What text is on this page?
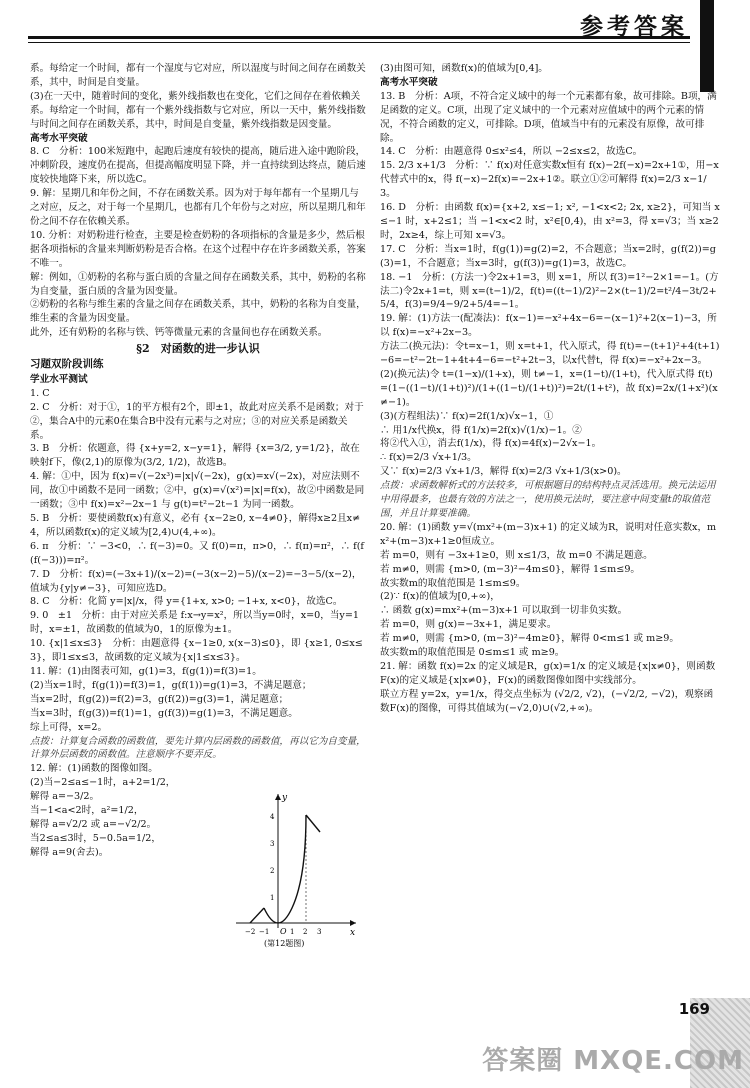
参考答案
系。每给定一个时间，都有一个湿度与它对应，所以湿度与时间之间存在函数关系，其中，时间是自变量。
(3)在一天中，随着时间的变化，紫外线指数也在变化，它们之间存在着依赖关系。每给定一个时间，都有一个紫外线指数与它对应，所以一天中，紫外线指数与时间之间存在函数关系，其中，时间是自变量，紫外线指数是因变量。
高考水平突破
8. C　分析：100米短跑中，起跑后速度有较快的提高，随后进入途中跑阶段，冲刺阶段，速度仍在提高，但提高幅度明显下降，并一直持续到达终点，随后速度较快地降下来，所以选C。
9. 解：星期几和年份之间，不存在函数关系。因为对于每年都有一个星期几与之对应，反之，对于每一个星期几，也都有几个年份与之对应，所以星期几和年份之间不存在依赖关系。
10. 分析：对奶粉进行检查，主要是检查奶粉的各项指标的含量是多少，然后根据各项指标的含量来判断奶粉是否合格。在这个过程中存在许多函数关系，答案不唯一。
解：例如，①奶粉的名称与蛋白质的含量之间存在函数关系，其中，奶粉的名称为自变量，蛋白质的含量为因变量。
②奶粉的名称与维生素的含量之间存在函数关系，其中，奶粉的名称为自变量，维生素的含量为因变量。
此外，还有奶粉的名称与铁、钙等微量元素的含量间也存在函数关系。
§2　对函数的进一步认识
习题双阶段训练
学业水平测试
1. C
2. C　分析：对于①，1的平方根有2个，即±1，故此对应关系不是函数；对于②，集合A中的元素0在集合B中没有元素与之对应；③的对应关系是函数关系。
3. B　分析：依题意，得 {x+y=2, x−y=1}，解得 {x=3/2, y=1/2}，故在映射f下，像(2,1)的原像为(3/2, 1/2)，故选B。
4. 解：①中，因为 f(x)=√(−2x³)=|x|√(−2x)，g(x)=x√(−2x)，对应法则不同，故①中函数不是同一函数；②中，g(x)=√(x²)=|x|=f(x)，故②中函数是同一函数；③中 f(x)=x²−2x−1 与 g(t)=t²−2t−1 为同一函数。
5. B　分析：要使函数f(x)有意义，必有 {x−2≥0, x−4≠0}，解得x≥2且x≠4，所以函数f(x)的定义域为[2,4)∪(4,+∞)。
6. π　分析：∵ −3<0，∴ f(−3)=0。又 f(0)=π，π>0，∴ f(π)=π²，∴ f(f(f(−3)))=π²。
7. D　分析：f(x)=(−3x+1)/(x−2)=(−3(x−2)−5)/(x−2)=−3−5/(x−2)，值域为{y|y≠−3}，可知应选D。
8. C　分析：化简 y=|x|/x，得 y={1+x, x>0; −1+x, x<0}，故选C。
9. 0　±1　分析：由于对应关系是 f:x→y=x²，所以当y=0时，x=0，当y=1时，x=±1，故函数的值域为0，1的原像为±1。
10. {x|1≤x≤3}　分析：由题意得 {x−1≥0, x(x−3)≤0}，即 {x≥1, 0≤x≤3}，即1≤x≤3，故函数的定义域为{x|1≤x≤3}。
11. 解：(1)由图表可知，g(1)=3，f(g(1))=f(3)=1。
(2)当x=1时，f(g(1))=f(3)=1，g(f(1))=g(1)=3，不满足题意；
当x=2时，f(g(2))=f(2)=3，g(f(2))=g(3)=1，满足题意；
当x=3时，f(g(3))=f(1)=1，g(f(3))=g(1)=3，不满足题意。
综上可得，x=2。
点拨：计算复合函数的函数值，要先计算内层函数的函数值，再以它为自变量，计算外层函数的函数值。注意顺序不要弄反。
12. 解：(1)函数的图像如图。
(2)当−2≤a≤−1时，a+2=1/2，
解得 a=−3/2。
当−1<a<2时，a²=1/2，
解得 a=√2/2 或 a=−√2/2。
当2≤a≤3时，5−0.5a=1/2，
解得 a=9(舍去)。
(3)由图可知，函数f(x)的值域为[0,4]。
高考水平突破
13. B　分析：A项，不符合定义域中的每一个元素都有象，故可排除。B项，满足函数的定义。C项，出现了定义域中的一个元素对应值域中的两个元素的情况，不符合函数的定义，可排除。D项，值域当中有的元素没有原像，故可排除。
14. C　分析：由题意得 0≤x²≤4，所以 −2≤x≤2，故选C。
15. 2/3 x+1/3　分析：∵ f(x)对任意实数x恒有 f(x)−2f(−x)=2x+1①，用−x代替式中的x，得 f(−x)−2f(x)=−2x+1②。联立①②可解得 f(x)=2/3 x−1/3。
16. D　分析：由函数 f(x)={x+2, x≤−1; x², −1<x<2; 2x, x≥2}，可知当 x≤−1 时，x+2≤1；当 −1<x<2 时，x²∈[0,4)，由 x²=3，得 x=√3；当 x≥2 时，2x≥4，综上可知 x=√3。
17. C　分析：当x=1时，f(g(1))=g(2)=2，不合题意；当x=2时，g(f(2))=g(3)=1，不合题意；当x=3时，g(f(3))=g(1)=3，故选C。
18. −1　分析：(方法一)令2x+1=3，则 x=1，所以 f(3)=1²−2×1=−1。(方法二)令2x+1=t，则 x=(t−1)/2，f(t)=((t−1)/2)²−2×(t−1)/2=t²/4−3t/2+5/4，f(3)=9/4−9/2+5/4=−1。
19. 解：(1)方法一(配凑法)：f(x−1)=−x²+4x−6=−(x−1)²+2(x−1)−3，所以 f(x)=−x²+2x−3。
方法二(换元法)：令t=x−1，则 x=t+1，代入原式，得 f(t)=−(t+1)²+4(t+1)−6=−t²−2t−1+4t+4−6=−t²+2t−3，以x代替t，得 f(x)=−x²+2x−3。
(2)(换元法)令 t=(1−x)/(1+x)，则 t≠−1，x=(1−t)/(1+t)，代入原式得 f(t)=(1−((1−t)/(1+t))²)/(1+((1−t)/(1+t))²)=2t/(1+t²)，故 f(x)=2x/(1+x²)(x≠−1)。
(3)(方程组法)∵ f(x)=2f(1/x)√x−1，①
∴ 用1/x代换x，得 f(1/x)=2f(x)√(1/x)−1。②
将②代入①，消去f(1/x)，得 f(x)=4f(x)−2√x−1。
∴ f(x)=2/3 √x+1/3。
又∵ f(x)=2/3 √x+1/3，解得 f(x)=2/3 √x+1/3(x>0)。
点拨：求函数解析式的方法较多，可根据题目的结构特点灵活选用。换元法运用中用得最多，也最有效的方法之一，使用换元法时，要注意中间变量t的取值范围，并且计算要准确。
20. 解：(1)函数 y=√(mx²+(m−3)x+1) 的定义域为R，说明对任意实数x，mx²+(m−3)x+1≥0恒成立。
若 m=0，则有 −3x+1≥0，则 x≤1/3，故 m=0 不满足题意。
若 m≠0，则需 {m>0, (m−3)²−4m≤0}，解得 1≤m≤9。
故实数m的取值范围是 1≤m≤9。
(2)∵ f(x)的值域为[0,+∞)，
∴ 函数 g(x)=mx²+(m−3)x+1 可以取到一切非负实数。
若 m=0，则 g(x)=−3x+1，满足要求。
若 m≠0，则需 {m>0, (m−3)²−4m≥0}，解得 0<m≤1 或 m≥9。
故实数m的取值范围是 0≤m≤1 或 m≥9。
21. 解：函数 f(x)=2x 的定义域是R，g(x)=1/x 的定义域是{x|x≠0}，则函数F(x)的定义域是{x|x≠0}，F(x)的函数图像如图中实线部分。
联立方程 y=2x，y=1/x，得交点坐标为 (√2/2, √2)，(−√2/2, −√2)，观察函数F(x)的图像，可得其值域为(−√2,0)∪(√2,+∞)。
y
x
O
−2 −1	1 2 3
4
3
2
1
(第12题图)
169
答案圈 MXQE.COM
